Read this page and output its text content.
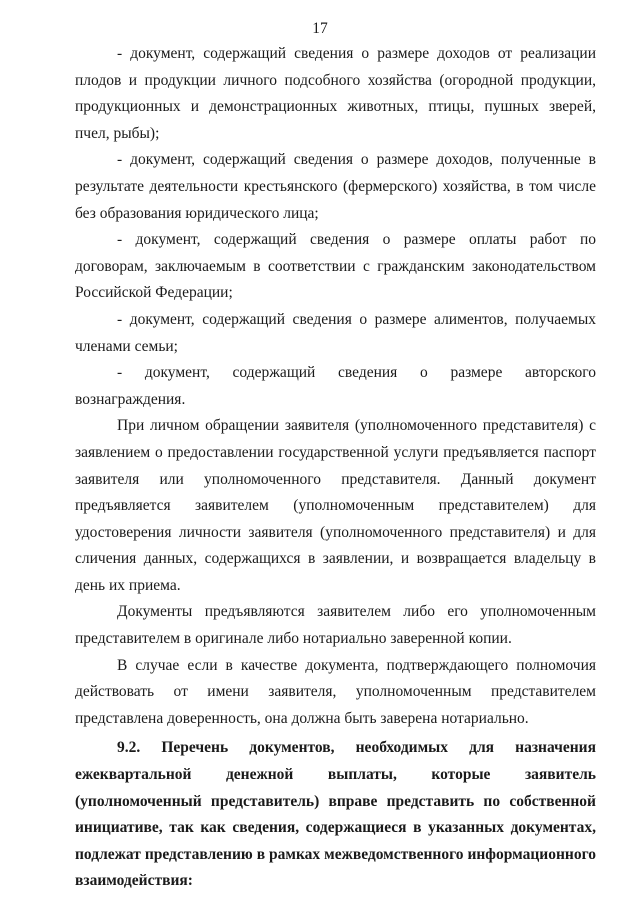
17

- документ, содержащий сведения о размере доходов от реализации плодов и продукции личного подсобного хозяйства (огородной продукции, продукционных и демонстрационных животных, птицы, пушных зверей, пчел, рыбы);

- документ, содержащий сведения о размере доходов, полученные в результате деятельности крестьянского (фермерского) хозяйства, в том числе без образования юридического лица;

- документ, содержащий сведения о размере оплаты работ по договорам, заключаемым в соответствии с гражданским законодательством Российской Федерации;

- документ, содержащий сведения о размере алиментов, получаемых членами семьи;

- документ, содержащий сведения о размере авторского вознаграждения.

При личном обращении заявителя (уполномоченного представителя) с заявлением о предоставлении государственной услуги предъявляется паспорт заявителя или уполномоченного представителя. Данный документ предъявляется заявителем (уполномоченным представителем) для удостоверения личности заявителя (уполномоченного представителя) и для сличения данных, содержащихся в заявлении, и возвращается владельцу в день их приема.

Документы предъявляются заявителем либо его уполномоченным представителем в оригинале либо нотариально заверенной копии.

В случае если в качестве документа, подтверждающего полномочия действовать от имени заявителя, уполномоченным представителем представлена доверенность, она должна быть заверена нотариально.

9.2. Перечень документов, необходимых для назначения ежеквартальной денежной выплаты, которые заявитель (уполномоченный представитель) вправе представить по собственной инициативе, так как сведения, содержащиеся в указанных документах, подлежат представлению в рамках межведомственного информационного взаимодействия:
